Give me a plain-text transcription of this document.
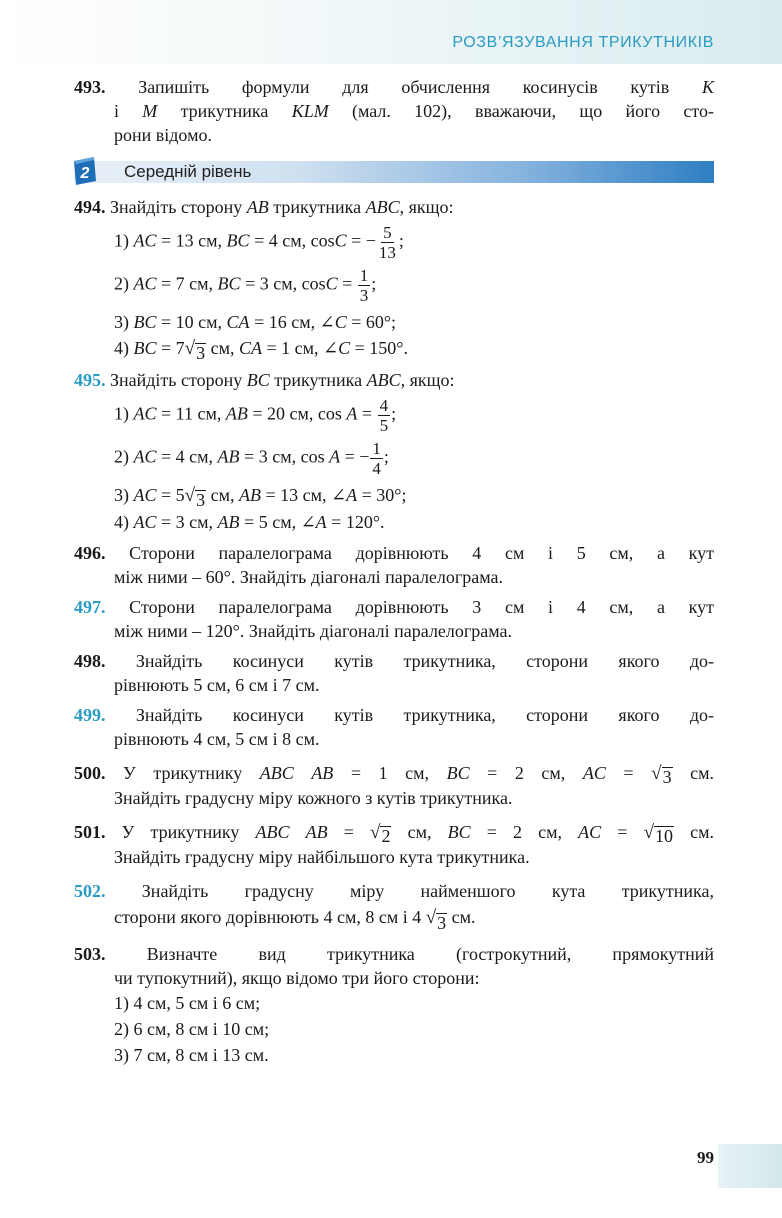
РОЗВ’ЯЗУВАННЯ ТРИКУТНИКІВ
493. Запишіть формули для обчислення косинусів кутів K
і M трикутника KLM (мал. 102), вважаючи, що його сто-
рони відомо.
2 Середній рівень
494. Знайдіть сторону AB трикутника ABC, якщо:
1) AC = 13 см, BC = 4 см, cosC = − $\frac{5}{13}$ ;
2) AC = 7 см, BC = 3 см, $\cos C = \frac{1}{3}$ ;
3) BC = 10 см, CA = 16 см, ∠C = 60°;
4) BC = 7 √ 3 см, CA = 1 см, ∠C = 150°.
495. Знайдіть сторону BC трикутника ABC, якщо:
1) AC = 11 см, AB = 20 см, $\cos A = \frac{4}{5}$ ;
2) AC = 4 см, AB = 3 см, cos A = − $\frac{1}{4}$ ;
3) AC = 5 √ 3 см, AB = 13 см, ∠A = 30°;
4) AC = 3 см, AB = 5 см, ∠A = 120°.
496. Сторони паралелограма дорівнюють 4 см і 5 см, а кут
між ними – 60°. Знайдіть діагоналі паралелограма.
497. Сторони паралелограма дорівнюють 3 см і 4 см, а кут
між ними – 120°. Знайдіть діагоналі паралелограма.
498. Знайдіть косинуси кутів трикутника, сторони якого до-
рівнюють 5 см, 6 см і 7 см.
499. Знайдіть косинуси кутів трикутника, сторони якого до-
рівнюють 4 см, 5 см і 8 см.
500. У трикутнику ABC AB = 1 см, BC = 2 см, AC = √ 3 см.
Знайдіть градусну міру кожного з кутів трикутника.
501. У трикутнику ABC AB = √ 2 см, BC = 2 см, AC = √ 10 см.
Знайдіть градусну міру найбільшого кута трикутника.
502. Знайдіть градусну міру найменшого кута трикутника,
сторони якого дорівнюють 4 см, 8 см і 4 √ 3 см.
503. Визначте вид трикутника (гострокутний, прямокутний
чи тупокутний), якщо відомо три його сторони:
1) 4 см, 5 см і 6 см;
2) 6 см, 8 см і 10 см;
3) 7 см, 8 см і 13 см.
99
